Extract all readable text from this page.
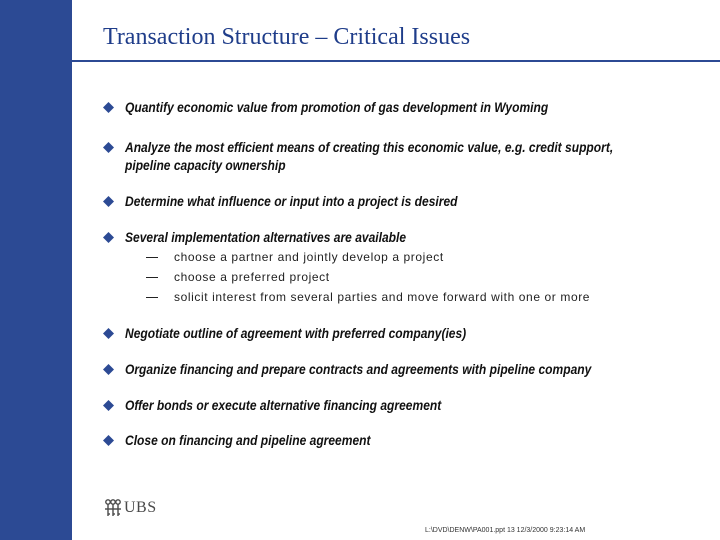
Transaction Structure – Critical Issues
Quantify economic value from promotion of gas development in Wyoming
Analyze the most efficient means of creating this economic value, e.g. credit support,
pipeline capacity ownership
Determine what influence or input into a project is desired
Several implementation alternatives are available
choose a partner and jointly develop a project
choose a preferred project
solicit interest from several parties and move forward with one or more
Negotiate outline of agreement with preferred company(ies)
Organize financing and prepare contracts and agreements with pipeline company
Offer bonds or execute alternative financing agreement
Close on financing and pipeline agreement
UBS
L:\DVD\DENW\PA001.ppt 13 12/3/2000 9:23:14 AM
